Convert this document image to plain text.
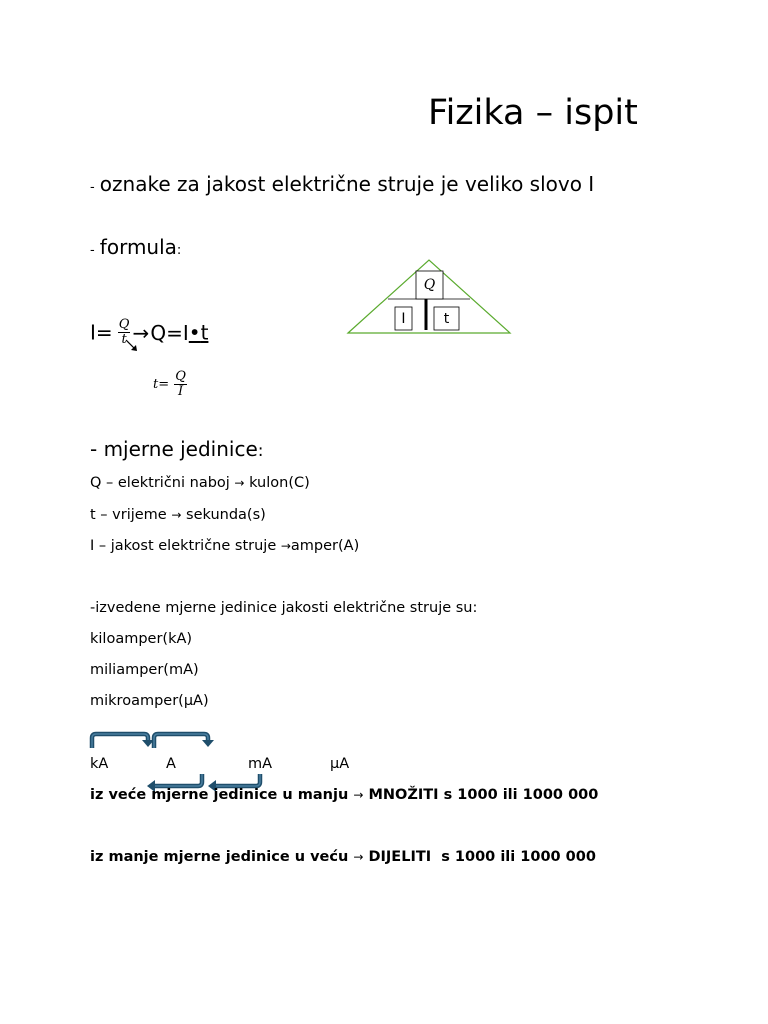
Fizika – ispit
- oznake za jakost električne struje je veliko slovo I
- formula:
$I= \frac{Q}{t}$ → Q=I•t
$t= \frac{Q}{I}$
Q
I	t
- mjerne jedinice:
Q – električni naboj → kulon(C)
t – vrijeme → sekunda(s)
I – jakost električne struje →amper(A)
-izvedene mjerne jedinice jakosti električne struje su:
kiloamper(kA)
miliamper(mA)
mikroamper(μA)
kA	A	mA	μA
iz veće mjerne jedinice u manju → MNOŽITI s 1000 ili 1000 000
iz manje mjerne jedinice u veću → DIJELITI  s 1000 ili 1000 000
